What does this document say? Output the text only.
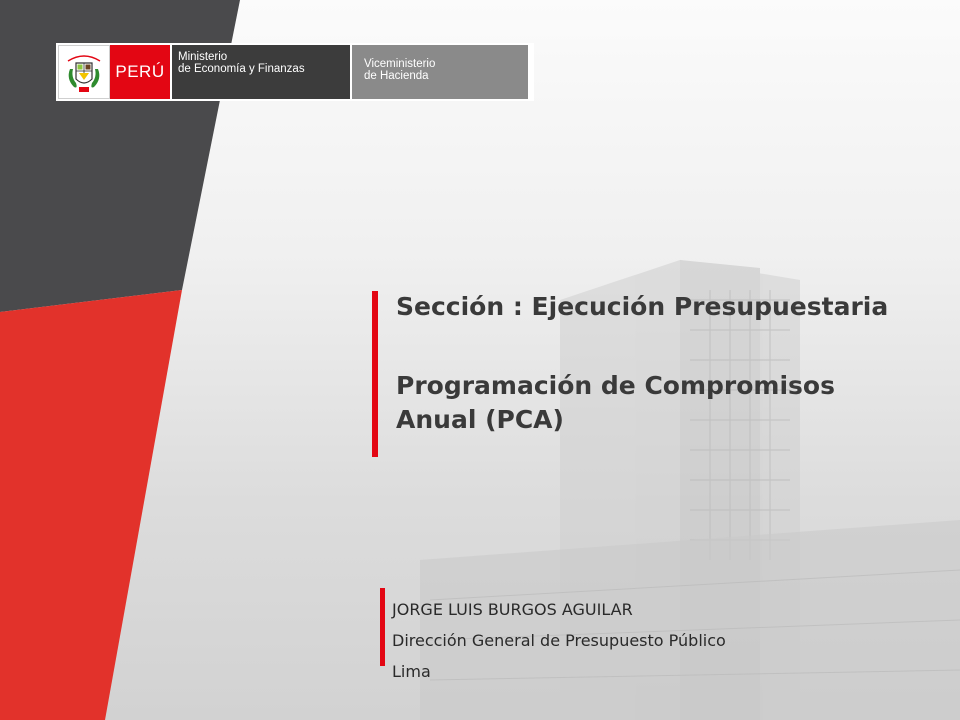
PERÚ
Ministerio
de Economía y Finanzas	Viceministerio
de Hacienda
Sección : Ejecución Presupuestaria
Programación de Compromisos
Anual (PCA)
JORGE LUIS BURGOS AGUILAR
Dirección General de Presupuesto Público
Lima
